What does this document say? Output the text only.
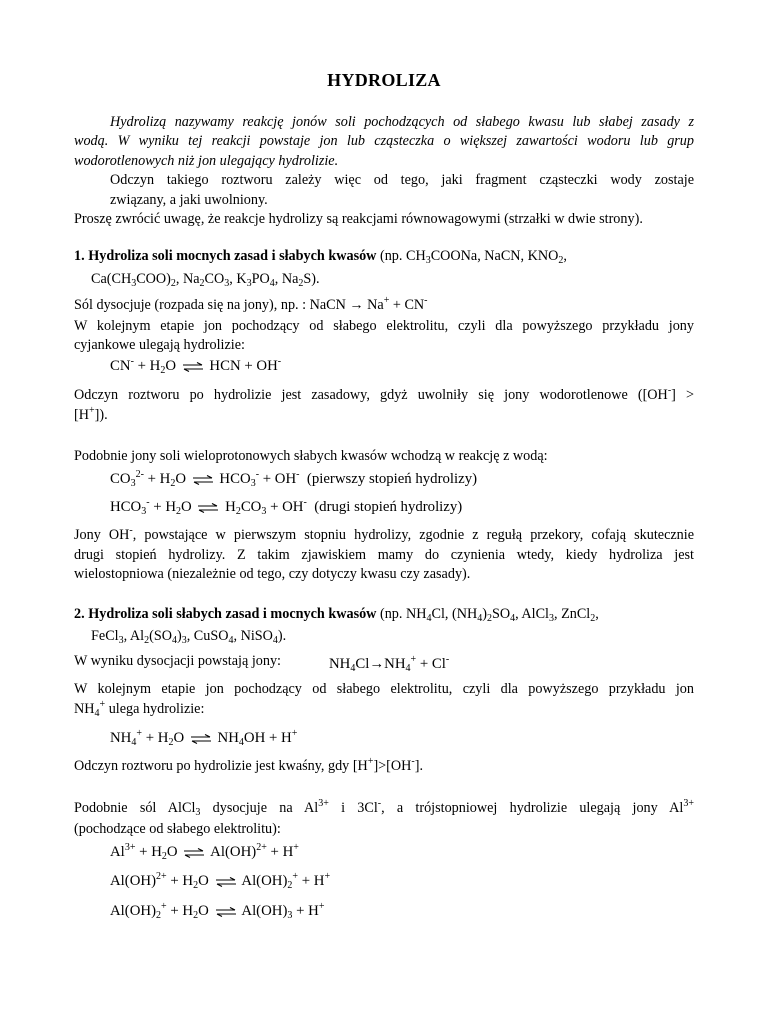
HYDROLIZA
Hydrolizą nazywamy reakcję jonów soli pochodzących od słabego kwasu lub słabej zasady z
wodą. W wyniku tej reakcji powstaje jon lub cząsteczka o większej zawartości wodoru lub grup
wodorotlenowych niż jon ulegający hydrolizie.
Odczyn takiego roztworu zależy więc od tego, jaki fragment cząsteczki wody zostaje
związany, a jaki uwolniony.
Proszę zwrócić uwagę, że reakcje hydrolizy są reakcjami równowagowymi (strzałki w dwie strony).
1. Hydroliza soli mocnych zasad i słabych kwasów (np. $CH_3COONa$, NaCN, $KNO_2$,
$Ca(CH_3COO)_2$, $Na_2CO_3$, $K_3PO_4$, $Na_2S$).
Sól dysocjuje (rozpada się na jony), np. : NaCN → Na+ + CN-
W kolejnym etapie jon pochodzący od słabego elektrolitu, czyli dla powyższego przykładu jony
cyjankowe ulegają hydrolizie:
$CN^- + H_2O$ ⇌ HCN + OH-
Odczyn roztworu po hydrolizie jest zasadowy, gdyż uwolniły się jony wodorotlenowe ([OH-] >
[H+]).
Podobnie jony soli wieloprotonowych słabych kwasów wchodzą w reakcję z wodą:
$CO_3^{2-} + H_2O$ ⇌ $HCO_3^- + OH^-$ (pierwszy stopień hydrolizy)
$HCO_3^- + H_2O$ ⇌ $H_2CO_3 + OH^-$ (drugi stopień hydrolizy)
Jony OH-, powstające w pierwszym stopniu hydrolizy, zgodnie z regułą przekory, cofają skutecznie
drugi stopień hydrolizy. Z takim zjawiskiem mamy do czynienia wtedy, kiedy hydroliza jest
wielostopniowa (niezależnie od tego, czy dotyczy kwasu czy zasady).
2. Hydroliza soli słabych zasad i mocnych kwasów (np. $NH_4Cl$, $(NH_4)_2SO_4$, AlCl$_3$, ZnCl$_2$,
FeCl$_3$, $Al_2(SO_4)_3$, CuSO$_4$, NiSO$_4$).
W wyniku dysocjacji powstają jony:	$NH_4Cl\to NH_4^+ + Cl^-$
W kolejnym etapie jon pochodzący od słabego elektrolitu, czyli dla powyższego przykładu jon
$NH_4^+$ ulega hydrolizie:
$NH_4^+ + H_2O$ ⇌ $NH_4OH + H^+$
Odczyn roztworu po hydrolizie jest kwaśny, gdy [H+]>[OH-].
Podobnie sól AlCl$_3$ dysocjuje na $Al^{3+}$ i 3Cl-, a trójstopniowej hydrolizie ulegają jony $Al^{3+}$
(pochodzące od słabego elektrolitu):
$Al^{3+} + H_2O$ ⇌ Al(OH)$^{2+}$ + H+
$Al(OH)^{2+} + H_2O$ ⇌ $Al(OH)_2^+ + H^+$
$Al(OH)_2^+ + H_2O$ ⇌ $Al(OH)_3 + H^+$
